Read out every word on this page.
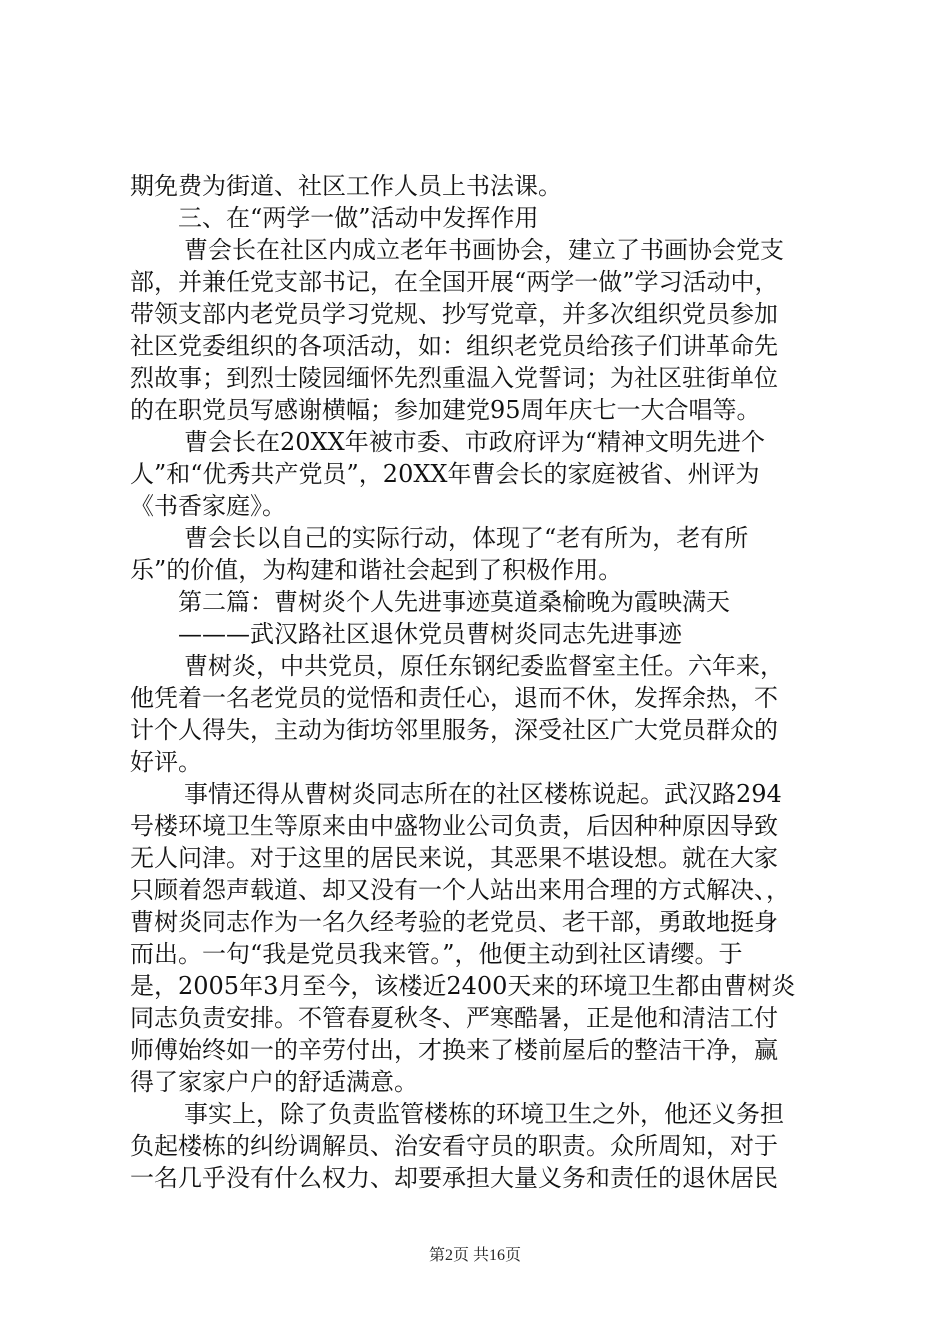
期免费为街道、社区工作人员上书法课。
三、在“两学一做”活动中发挥作用
曹会长在社区内成立老年书画协会，建立了书画协会党支
部，并兼任党支部书记，在全国开展“两学一做”学习活动中，
带领支部内老党员学习党规、抄写党章，并多次组织党员参加
社区党委组织的各项活动，如：组织老党员给孩子们讲革命先
烈故事；到烈士陵园缅怀先烈重温入党誓词；为社区驻街单位
的在职党员写感谢横幅；参加建党95周年庆七一大合唱等。
曹会长在20XX年被市委、市政府评为“精神文明先进个
人”和“优秀共产党员”，20XX年曹会长的家庭被省、州评为
《书香家庭》。
曹会长以自己的实际行动，体现了“老有所为，老有所
乐”的价值，为构建和谐社会起到了积极作用。
第二篇：曹树炎个人先进事迹莫道桑榆晚为霞映满天
———武汉路社区退休党员曹树炎同志先进事迹
曹树炎，中共党员，原任东钢纪委监督室主任。六年来，
他凭着一名老党员的觉悟和责任心，退而不休，发挥余热，不
计个人得失，主动为街坊邻里服务，深受社区广大党员群众的
好评。
事情还得从曹树炎同志所在的社区楼栋说起。武汉路294
号楼环境卫生等原来由中盛物业公司负责，后因种种原因导致
无人问津。对于这里的居民来说，其恶果不堪设想。就在大家
只顾着怨声载道、却又没有一个人站出来用合理的方式解决、，
曹树炎同志作为一名久经考验的老党员、老干部，勇敢地挺身
而出。一句“我是党员我来管。”，他便主动到社区请缨。于
是，2005年3月至今，该楼近2400天来的环境卫生都由曹树炎
同志负责安排。不管春夏秋冬、严寒酷暑，正是他和清洁工付
师傅始终如一的辛劳付出，才换来了楼前屋后的整洁干净，赢
得了家家户户的舒适满意。
事实上，除了负责监管楼栋的环境卫生之外，他还义务担
负起楼栋的纠纷调解员、治安看守员的职责。众所周知，对于
一名几乎没有什么权力、却要承担大量义务和责任的退休居民
第2页 共16页
